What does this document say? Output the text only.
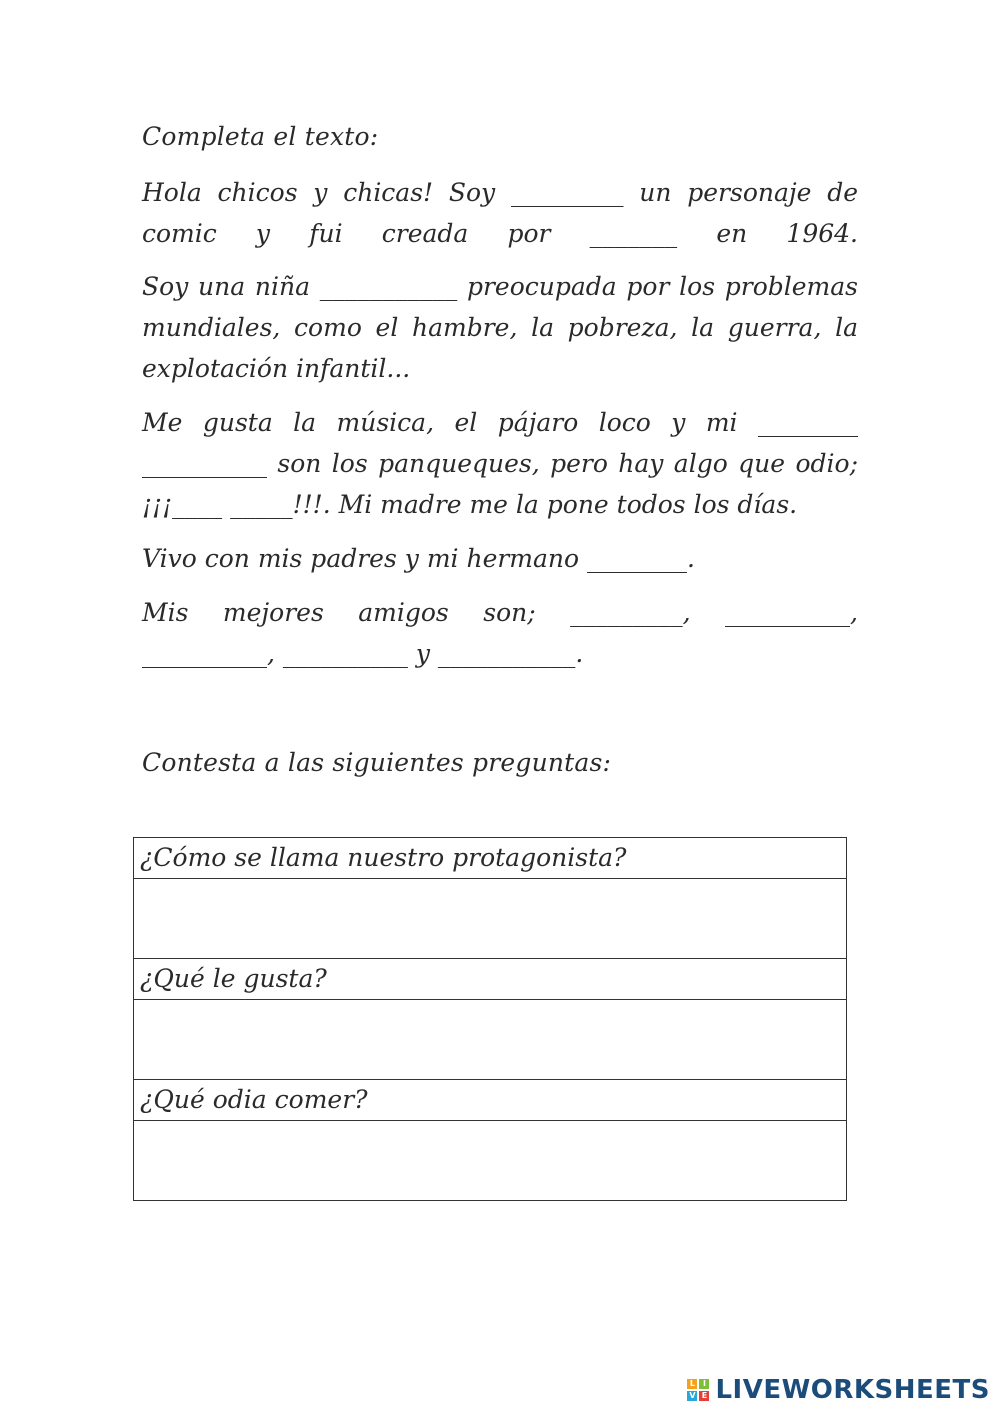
Completa el texto:

Hola chicos y chicas! Soy _________ un personaje de comic y fui creada por _______ en 1964.

Soy una niña ___________ preocupada por los problemas mundiales, como el hambre, la pobreza, la guerra, la explotación infantil...

Me gusta la música, el pájaro loco y mi ________ __________ son los panqueques, pero hay algo que odio; ¡¡¡____ _____!!!. Mi madre me la pone todos los días.

Vivo con mis padres y mi hermano ________.

Mis mejores amigos son; _________, __________, __________, __________ y ___________.

Contesta a las siguientes preguntas:
¿Cómo se llama nuestro protagonista?

¿Qué le gusta?

¿Qué odia comer?

L I
V E LIVEWORKSHEETS
